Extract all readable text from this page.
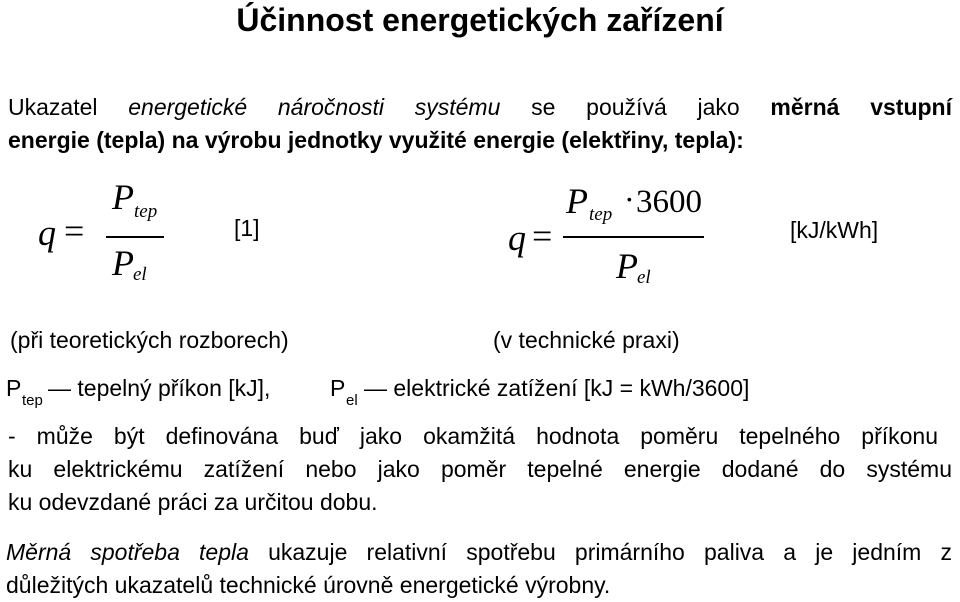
Účinnost energetických zařízení
Ukazatel energetické náročnosti systému se používá jako měrná vstupní
energie (tepla) na výrobu jednotky využité energie (elektřiny, tepla):
q =
P tep
P el
[1]
(při teoretických rozborech)
q =
P tep · 3600
P el
[kJ/kWh]
(v technické praxi)
P tep — tepelný příkon [kJ],	P el — elektrické zatížení [kJ = kWh/3600]
- může být definována buď jako okamžitá hodnota poměru tepelného příkonu
ku elektrickému zatížení nebo jako poměr tepelné energie dodané do systému
ku odevzdané práci za určitou dobu.
Měrná spotřeba tepla ukazuje relativní spotřebu primárního paliva a je jedním z
důležitých ukazatelů technické úrovně energetické výrobny.
